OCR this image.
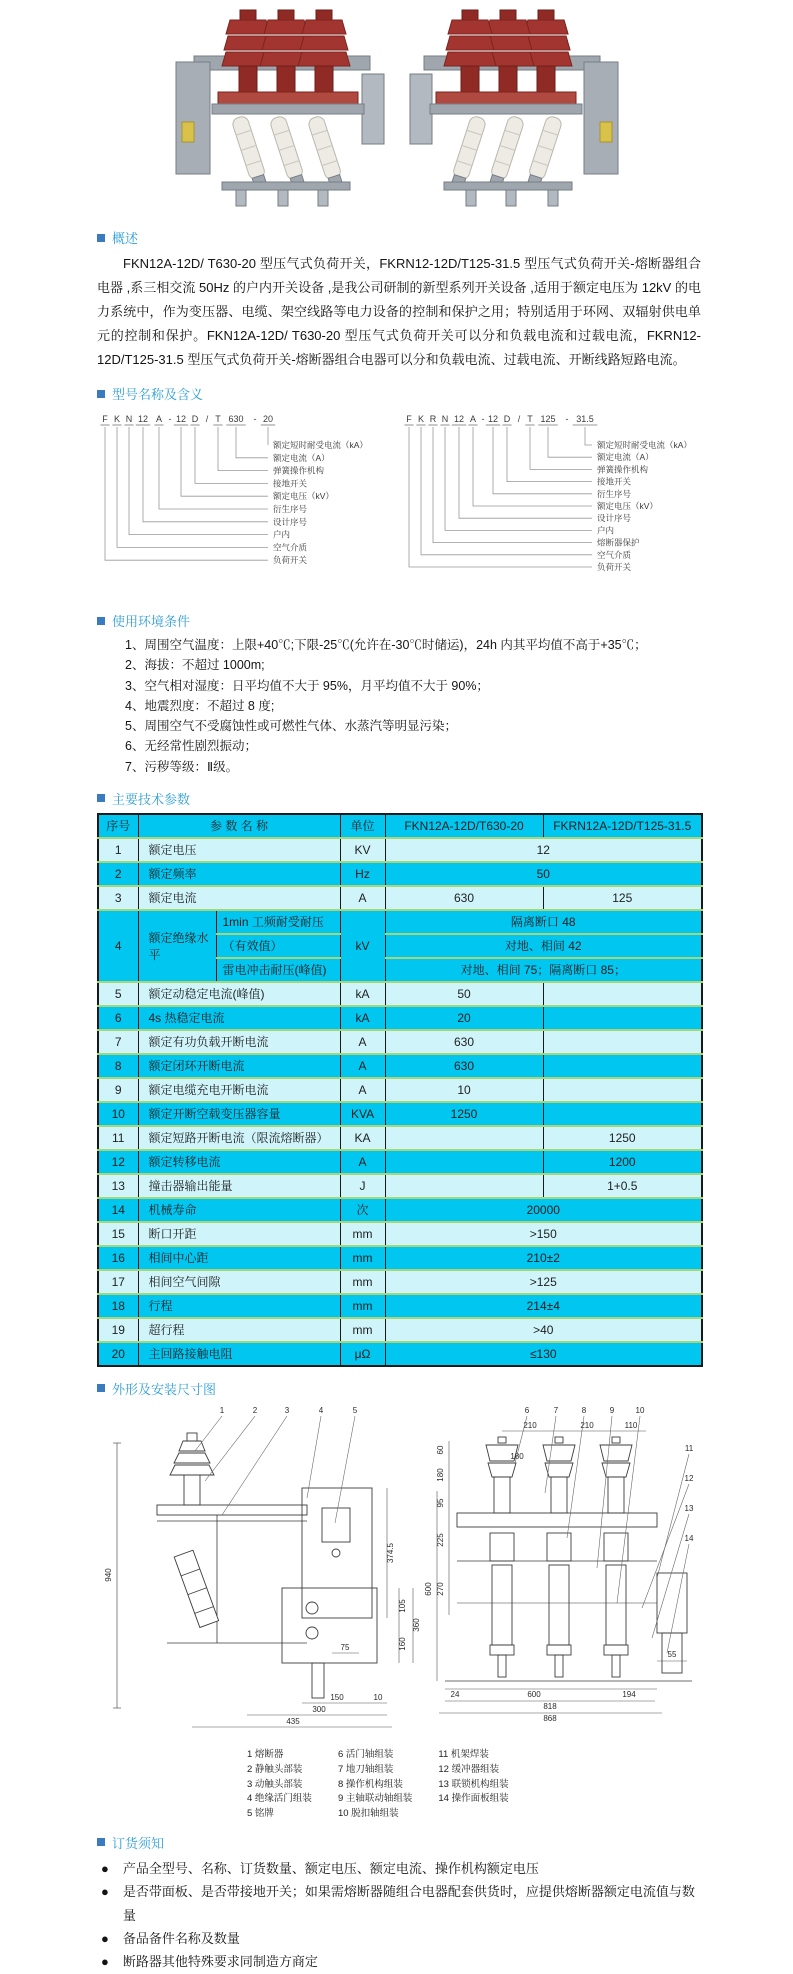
概述
FKN12A-12D/ T630-20 型压气式负荷开关，FKRN12-12D/T125-31.5 型压气式负荷开关-熔断器组合电器 ,系三相交流 50Hz 的户内开关设备 ,是我公司研制的新型系列开关设备 ,适用于额定电压为 12kV 的电力系统中，作为变压器、电缆、架空线路等电力设备的控制和保护之用；特别适用于环网、双辐射供电单元的控制和保护。FKN12A-12D/ T630-20 型压气式负荷开关可以分和负载电流和过载电流，FKRN12-12D/T125-31.5 型压气式负荷开关-熔断器组合电器可以分和负载电流、过载电流、开断线路短路电流。
型号名称及含义
F K N 12 A - 12 D / T 630 - 20
额定短时耐受电流（kA）
额定电流（A）
弹簧操作机构
接地开关
额定电压（kV）
衍生序号
设计序号
户内
空气介质
负荷开关
F K R N 12 A - 12 D / T 125 - 31.5
额定短时耐受电流（kA）
额定电流（A）
弹簧操作机构
接地开关
衍生序号
额定电压（kV）
设计序号
户内
熔断器保护
空气介质
负荷开关
使用环境条件
1、周围空气温度：上限+40℃;下限-25℃(允许在-30℃时储运)，24h 内其平均值不高于+35℃；
2、海拔：不超过 1000m;
3、空气相对湿度：日平均值不大于 95%，月平均值不大于 90%；
4、地震烈度：不超过 8 度;
5、周围空气不受腐蚀性或可燃性气体、水蒸汽等明显污染；
6、无经常性剧烈振动；
7、污秽等级：Ⅱ级。
主要技术参数
序号	参 数 名 称		单位	FKN12A-12D/T630-20	FKRN12A-12D/T125-31.5
1	额定电压		KV	12	
2	额定频率		Hz	50	
3	额定电流		A	630	125
4	额定绝缘水平	1min 工频耐受耐压	kV	隔离断口 48	
		（有效值）		对地、相间 42	
		雷电冲击耐压(峰值)		对地、相间 75；隔离断口 85；	
5	额定动稳定电流(峰值)		kA	50	
6	4s 热稳定电流		kA	20	
7	额定有功负载开断电流		A	630	
8	额定闭环开断电流		A	630	
9	额定电缆充电开断电流		A	10	
10	额定开断空载变压器容量		KVA	1250	
11	额定短路开断电流（限流熔断器）		KA		1250
12	额定转移电流		A		1200
13	撞击器输出能量		J		1+0.5
14	机械寿命		次	20000	
15	断口开距		mm	>150	
16	相间中心距		mm	210±2	
17	相间空气间隙		mm	>125	
18	行程		mm	214±4	
19	超行程		mm	>40	
20	主回路接触电阻		μΩ	≤130	
外形及安装尺寸图
940
374.5
105
360
160
75
150	10
300
435
210	210	110
180
60
180
95
225
270
600
24	600	194
818
868
55
1	2	3	4	5	6	7	8	9	10
11
12
13
14
1 熔断器
2 静触头部装
3 动触头部装
4 绝缘活门组装
5 铭牌
6 活门轴组装
7 地刀轴组装
8 操作机构组装
9 主轴联动轴组装
10 脱扣轴组装
11 机架焊装
12 缓冲器组装
13 联锁机构组装
14 操作面板组装
订货须知
● 产品全型号、名称、订货数量、额定电压、额定电流、操作机构额定电压
● 是否带面板、是否带接地开关；如果需熔断器随组合电器配套供货时，应提供熔断器额定电流值与数量
● 备品备件名称及数量
● 断路器其他特殊要求同制造方商定
